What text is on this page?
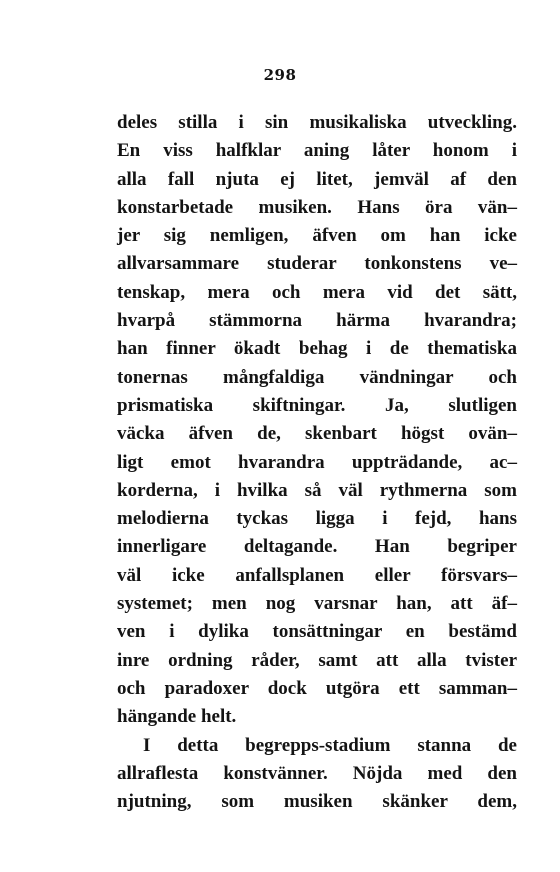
298
deles stilla i sin musikaliska utveckling.
En viss halfklar aning låter honom i
alla fall njuta ej litet, jemväl af den
konstarbetade musiken. Hans öra vän–
jer sig nemligen, äfven om han icke
allvarsammare studerar tonkonstens ve–
tenskap, mera och mera vid det sätt,
hvarpå stämmorna härma hvarandra;
han finner ökadt behag i de thematiska
tonernas mångfaldiga vändningar och
prismatiska skiftningar. Ja, slutligen
väcka äfven de, skenbart högst ovän–
ligt emot hvarandra uppträdande, ac–
korderna, i hvilka så väl rythmerna som
melodierna tyckas ligga i fejd, hans
innerligare deltagande. Han begriper
väl icke anfallsplanen eller försvars–
systemet; men nog varsnar han, att äf–
ven i dylika tonsättningar en bestämd
inre ordning råder, samt att alla tvister
och paradoxer dock utgöra ett samman–
hängande helt.
I detta begrepps-stadium stanna de
allraflesta konstvänner. Nöjda med den
njutning, som musiken skänker dem,
